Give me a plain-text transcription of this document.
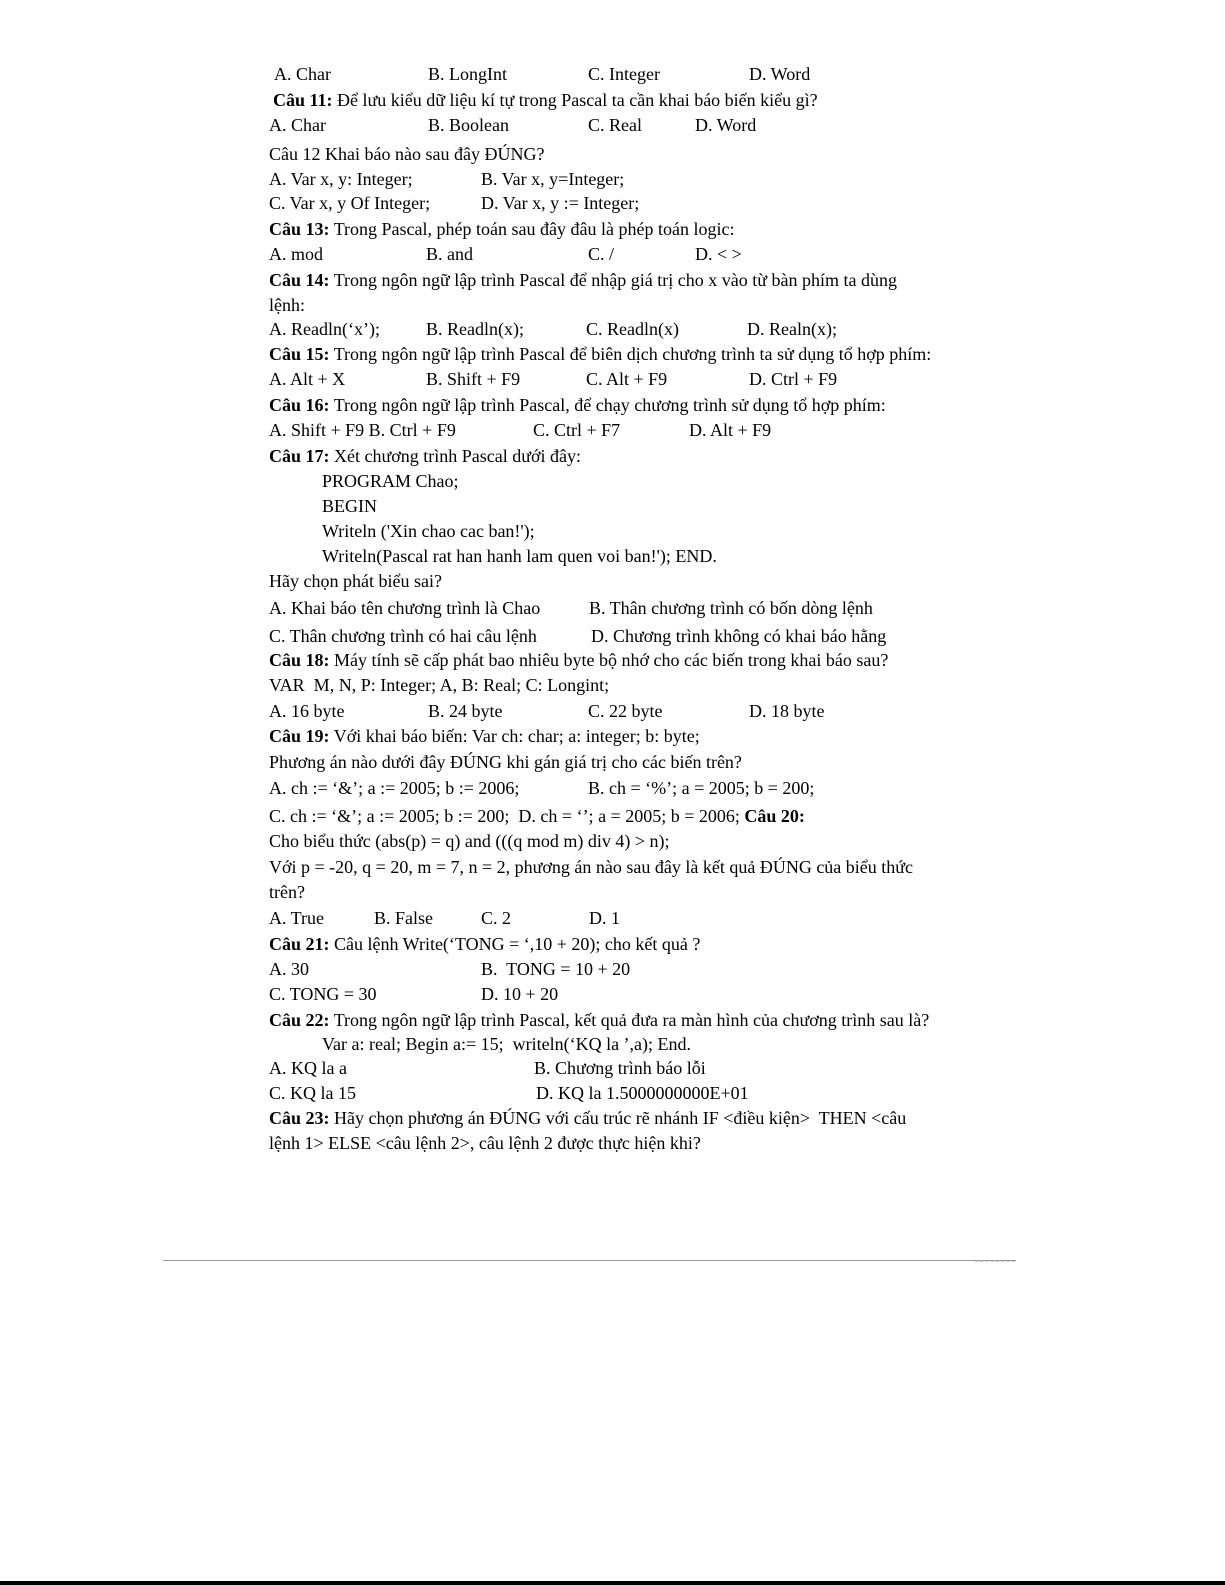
A. Char	B. LongInt	C. Integer	D. Word
Câu 11: Để lưu kiểu dữ liệu kí tự trong Pascal ta cần khai báo biến kiểu gì?
A. Char	B. Boolean	C. Real	D. Word
Câu 12 Khai báo nào sau đây ĐÚNG?
A. Var x, y: Integer;	B. Var x, y=Integer;
C. Var x, y Of Integer;	D. Var x, y := Integer;
Câu 13: Trong Pascal, phép toán sau đây đâu là phép toán logic:
A. mod	B. and	C. /	D. < >
Câu 14: Trong ngôn ngữ lập trình Pascal để nhập giá trị cho x vào từ bàn phím ta dùng
lệnh:
A. Readln(‘x’);	B. Readln(x);	C. Readln(x)	D. Realn(x);
Câu 15: Trong ngôn ngữ lập trình Pascal để biên dịch chương trình ta sử dụng tổ hợp phím:
A. Alt + X	B. Shift + F9	C. Alt + F9	D. Ctrl + F9
Câu 16: Trong ngôn ngữ lập trình Pascal, để chạy chương trình sử dụng tổ hợp phím:
A. Shift + F9 B. Ctrl + F9	C. Ctrl + F7	D. Alt + F9
Câu 17: Xét chương trình Pascal dưới đây:
PROGRAM Chao;
BEGIN
Writeln ('Xin chao cac ban!');
Writeln(Pascal rat han hanh lam quen voi ban!'); END.
Hãy chọn phát biểu sai?
A. Khai báo tên chương trình là Chao	B. Thân chương trình có bốn dòng lệnh
C. Thân chương trình có hai câu lệnh	D. Chương trình không có khai báo hằng
Câu 18: Máy tính sẽ cấp phát bao nhiêu byte bộ nhớ cho các biến trong khai báo sau?
VAR  M, N, P: Integer; A, B: Real; C: Longint;
A. 16 byte	B. 24 byte	C. 22 byte	D. 18 byte
Câu 19: Với khai báo biến: Var ch: char; a: integer; b: byte;
Phương án nào dưới đây ĐÚNG khi gán giá trị cho các biến trên?
A. ch := ‘&’; a := 2005; b := 2006;	B. ch = ‘%’; a = 2005; b = 200;
C. ch := ‘&’; a := 2005; b := 200;  D. ch = ‘’; a = 2005; b = 2006; Câu 20:
Cho biểu thức (abs(p) = q) and (((q mod m) div 4) > n);
Với p = -20, q = 20, m = 7, n = 2, phương án nào sau đây là kết quả ĐÚNG của biểu thức
trên?
A. True	B. False	C. 2	D. 1
Câu 21: Câu lệnh Write(‘TONG = ‘,10 + 20); cho kết quả ?
A. 30	B.  TONG = 10 + 20
C. TONG = 30	D. 10 + 20
Câu 22: Trong ngôn ngữ lập trình Pascal, kết quả đưa ra màn hình của chương trình sau là?
Var a: real; Begin a:= 15;  writeln(‘KQ la ’,a); End.
A. KQ la a	B. Chương trình báo lỗi
C. KQ la 15	D. KQ la 1.5000000000E+01
Câu 23: Hãy chọn phương án ĐÚNG với cấu trúc rẽ nhánh IF <điều kiện>  THEN <câu
lệnh 1> ELSE <câu lệnh 2>, câu lệnh 2 được thực hiện khi?
